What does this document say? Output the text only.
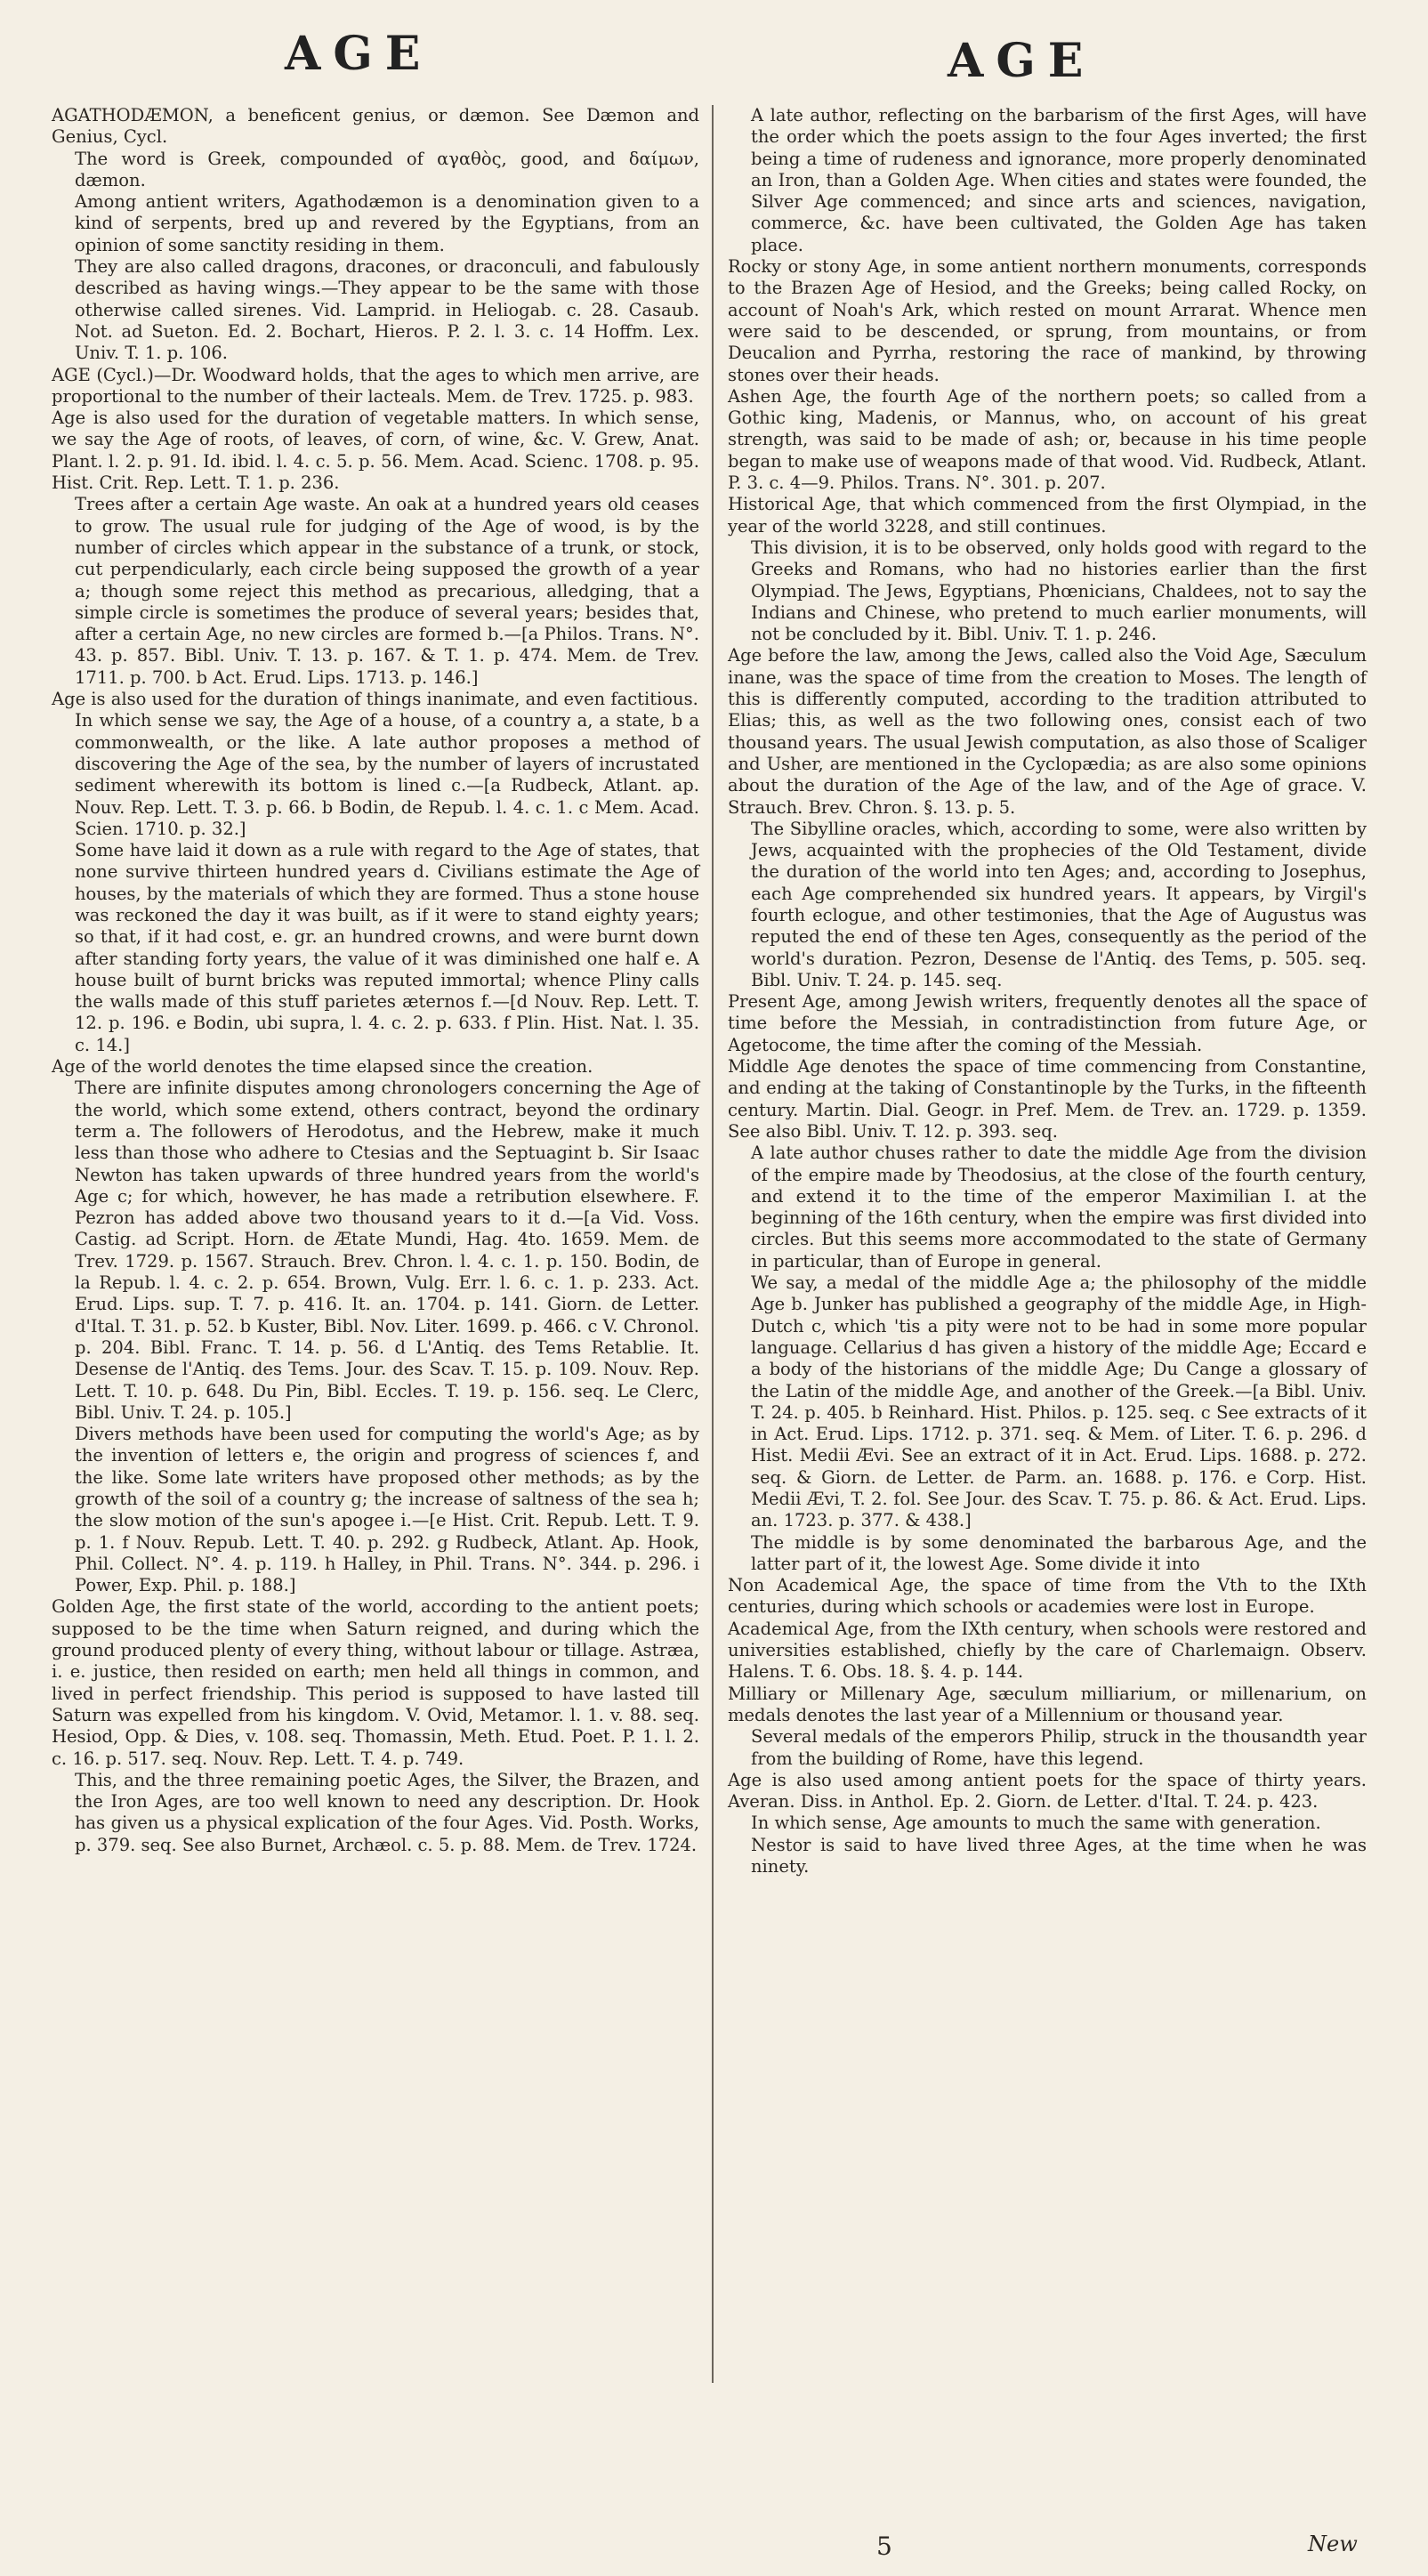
AGE	AGE

AGATHODÆMON, a beneficent genius, or dæmon. See Dæmon and Genius, Cycl.

The word is Greek, compounded of αγαθὸς, good, and δαίμων, dæmon.

Among antient writers, Agathodæmon is a denomination given to a kind of serpents, bred up and revered by the Egyptians, from an opinion of some sanctity residing in them.

They are also called dragons, dracones, or draconculi, and fabulously described as having wings.—They appear to be the same with those otherwise called sirenes. Vid. Lamprid. in Heliogab. c. 28. Casaub. Not. ad Sueton. Ed. 2. Bochart, Hieros. P. 2. l. 3. c. 14 Hoffm. Lex. Univ. T. 1. p. 106.

AGE (Cycl.)—Dr. Woodward holds, that the ages to which men arrive, are proportional to the number of their lacteals. Mem. de Trev. 1725. p. 983.

Age is also used for the duration of vegetable matters. In which sense, we say the Age of roots, of leaves, of corn, of wine, &c. V. Grew, Anat. Plant. l. 2. p. 91. Id. ibid. l. 4. c. 5. p. 56. Mem. Acad. Scienc. 1708. p. 95. Hist. Crit. Rep. Lett. T. 1. p. 236.

Trees after a certain Age waste. An oak at a hundred years old ceases to grow. The usual rule for judging of the Age of wood, is by the number of circles which appear in the substance of a trunk, or stock, cut perpendicularly, each circle being supposed the growth of a year a; though some reject this method as precarious, alledging, that a simple circle is sometimes the produce of several years; besides that, after a certain Age, no new circles are formed b.—[a Philos. Trans. N°. 43. p. 857. Bibl. Univ. T. 13. p. 167. & T. 1. p. 474. Mem. de Trev. 1711. p. 700. b Act. Erud. Lips. 1713. p. 146.]

Age is also used for the duration of things inanimate, and even factitious.

In which sense we say, the Age of a house, of a country a, a state, b a commonwealth, or the like. A late author proposes a method of discovering the Age of the sea, by the number of layers of incrustated sediment wherewith its bottom is lined c.—[a Rudbeck, Atlant. ap. Nouv. Rep. Lett. T. 3. p. 66. b Bodin, de Repub. l. 4. c. 1. c Mem. Acad. Scien. 1710. p. 32.]

Some have laid it down as a rule with regard to the Age of states, that none survive thirteen hundred years d. Civilians estimate the Age of houses, by the materials of which they are formed. Thus a stone house was reckoned the day it was built, as if it were to stand eighty years; so that, if it had cost, e. gr. an hundred crowns, and were burnt down after standing forty years, the value of it was diminished one half e. A house built of burnt bricks was reputed immortal; whence Pliny calls the walls made of this stuff parietes æternos f.—[d Nouv. Rep. Lett. T. 12. p. 196. e Bodin, ubi supra, l. 4. c. 2. p. 633. f Plin. Hist. Nat. l. 35. c. 14.]

Age of the world denotes the time elapsed since the creation.

There are infinite disputes among chronologers concerning the Age of the world, which some extend, others contract, beyond the ordinary term a. The followers of Herodotus, and the Hebrew, make it much less than those who adhere to Ctesias and the Septuagint b. Sir Isaac Newton has taken upwards of three hundred years from the world's Age c; for which, however, he has made a retribution elsewhere. F. Pezron has added above two thousand years to it d.—[a Vid. Voss. Castig. ad Script. Horn. de Ætate Mundi, Hag. 4to. 1659. Mem. de Trev. 1729. p. 1567. Strauch. Brev. Chron. l. 4. c. 1. p. 150. Bodin, de la Repub. l. 4. c. 2. p. 654. Brown, Vulg. Err. l. 6. c. 1. p. 233. Act. Erud. Lips. sup. T. 7. p. 416. It. an. 1704. p. 141. Giorn. de Letter. d'Ital. T. 31. p. 52. b Kuster, Bibl. Nov. Liter. 1699. p. 466. c V. Chronol. p. 204. Bibl. Franc. T. 14. p. 56. d L'Antiq. des Tems Retablie. It. Desense de l'Antiq. des Tems. Jour. des Scav. T. 15. p. 109. Nouv. Rep. Lett. T. 10. p. 648. Du Pin, Bibl. Eccles. T. 19. p. 156. seq. Le Clerc, Bibl. Univ. T. 24. p. 105.]

Divers methods have been used for computing the world's Age; as by the invention of letters e, the origin and progress of sciences f, and the like. Some late writers have proposed other methods; as by the growth of the soil of a country g; the increase of saltness of the sea h; the slow motion of the sun's apogee i.—[e Hist. Crit. Repub. Lett. T. 9. p. 1. f Nouv. Repub. Lett. T. 40. p. 292. g Rudbeck, Atlant. Ap. Hook, Phil. Collect. N°. 4. p. 119. h Halley, in Phil. Trans. N°. 344. p. 296. i Power, Exp. Phil. p. 188.]

Golden Age, the first state of the world, according to the antient poets; supposed to be the time when Saturn reigned, and during which the ground produced plenty of every thing, without labour or tillage. Astræa, i. e. justice, then resided on earth; men held all things in common, and lived in perfect friendship. This period is supposed to have lasted till Saturn was expelled from his kingdom. V. Ovid, Metamor. l. 1. v. 88. seq. Hesiod, Opp. & Dies, v. 108. seq. Thomassin, Meth. Etud. Poet. P. 1. l. 2. c. 16. p. 517. seq. Nouv. Rep. Lett. T. 4. p. 749.

This, and the three remaining poetic Ages, the Silver, the Brazen, and the Iron Ages, are too well known to need any description. Dr. Hook has given us a physical explication of the four Ages. Vid. Posth. Works, p. 379. seq. See also Burnet, Archæol. c. 5. p. 88. Mem. de Trev. 1724.

A late author, reflecting on the barbarism of the first Ages, will have the order which the poets assign to the four Ages inverted; the first being a time of rudeness and ignorance, more properly denominated an Iron, than a Golden Age. When cities and states were founded, the Silver Age commenced; and since arts and sciences, navigation, commerce, &c. have been cultivated, the Golden Age has taken place.

Rocky or stony Age, in some antient northern monuments, corresponds to the Brazen Age of Hesiod, and the Greeks; being called Rocky, on account of Noah's Ark, which rested on mount Arrarat. Whence men were said to be descended, or sprung, from mountains, or from Deucalion and Pyrrha, restoring the race of mankind, by throwing stones over their heads.

Ashen Age, the fourth Age of the northern poets; so called from a Gothic king, Madenis, or Mannus, who, on account of his great strength, was said to be made of ash; or, because in his time people began to make use of weapons made of that wood. Vid. Rudbeck, Atlant. P. 3. c. 4—9. Philos. Trans. N°. 301. p. 207.

Historical Age, that which commenced from the first Olympiad, in the year of the world 3228, and still continues.

This division, it is to be observed, only holds good with regard to the Greeks and Romans, who had no histories earlier than the first Olympiad. The Jews, Egyptians, Phœnicians, Chaldees, not to say the Indians and Chinese, who pretend to much earlier monuments, will not be concluded by it. Bibl. Univ. T. 1. p. 246.

Age before the law, among the Jews, called also the Void Age, Sæculum inane, was the space of time from the creation to Moses. The length of this is differently computed, according to the tradition attributed to Elias; this, as well as the two following ones, consist each of two thousand years. The usual Jewish computation, as also those of Scaliger and Usher, are mentioned in the Cyclopædia; as are also some opinions about the duration of the Age of the law, and of the Age of grace. V. Strauch. Brev. Chron. §. 13. p. 5.

The Sibylline oracles, which, according to some, were also written by Jews, acquainted with the prophecies of the Old Testament, divide the duration of the world into ten Ages; and, according to Josephus, each Age comprehended six hundred years. It appears, by Virgil's fourth eclogue, and other testimonies, that the Age of Augustus was reputed the end of these ten Ages, consequently as the period of the world's duration. Pezron, Desense de l'Antiq. des Tems, p. 505. seq. Bibl. Univ. T. 24. p. 145. seq.

Present Age, among Jewish writers, frequently denotes all the space of time before the Messiah, in contradistinction from future Age, or Agetocome, the time after the coming of the Messiah.

Middle Age denotes the space of time commencing from Constantine, and ending at the taking of Constantinople by the Turks, in the fifteenth century. Martin. Dial. Geogr. in Pref. Mem. de Trev. an. 1729. p. 1359. See also Bibl. Univ. T. 12. p. 393. seq.

A late author chuses rather to date the middle Age from the division of the empire made by Theodosius, at the close of the fourth century, and extend it to the time of the emperor Maximilian I. at the beginning of the 16th century, when the empire was first divided into circles. But this seems more accommodated to the state of Germany in particular, than of Europe in general.

We say, a medal of the middle Age a; the philosophy of the middle Age b. Junker has published a geography of the middle Age, in High-Dutch c, which 'tis a pity were not to be had in some more popular language. Cellarius d has given a history of the middle Age; Eccard e a body of the historians of the middle Age; Du Cange a glossary of the Latin of the middle Age, and another of the Greek.—[a Bibl. Univ. T. 24. p. 405. b Reinhard. Hist. Philos. p. 125. seq. c See extracts of it in Act. Erud. Lips. 1712. p. 371. seq. & Mem. of Liter. T. 6. p. 296. d Hist. Medii Ævi. See an extract of it in Act. Erud. Lips. 1688. p. 272. seq. & Giorn. de Letter. de Parm. an. 1688. p. 176. e Corp. Hist. Medii Ævi, T. 2. fol. See Jour. des Scav. T. 75. p. 86. & Act. Erud. Lips. an. 1723. p. 377. & 438.]

The middle is by some denominated the barbarous Age, and the latter part of it, the lowest Age. Some divide it into

Non Academical Age, the space of time from the Vth to the IXth centuries, during which schools or academies were lost in Europe.

Academical Age, from the IXth century, when schools were restored and universities established, chiefly by the care of Charlemaign. Observ. Halens. T. 6. Obs. 18. §. 4. p. 144.

Milliary or Millenary Age, sæculum milliarium, or millenarium, on medals denotes the last year of a Millennium or thousand year.

Several medals of the emperors Philip, struck in the thousandth year from the building of Rome, have this legend.

Age is also used among antient poets for the space of thirty years. Averan. Diss. in Anthol. Ep. 2. Giorn. de Letter. d'Ital. T. 24. p. 423.

In which sense, Age amounts to much the same with generation.

Nestor is said to have lived three Ages, at the time when he was ninety.

5	New
